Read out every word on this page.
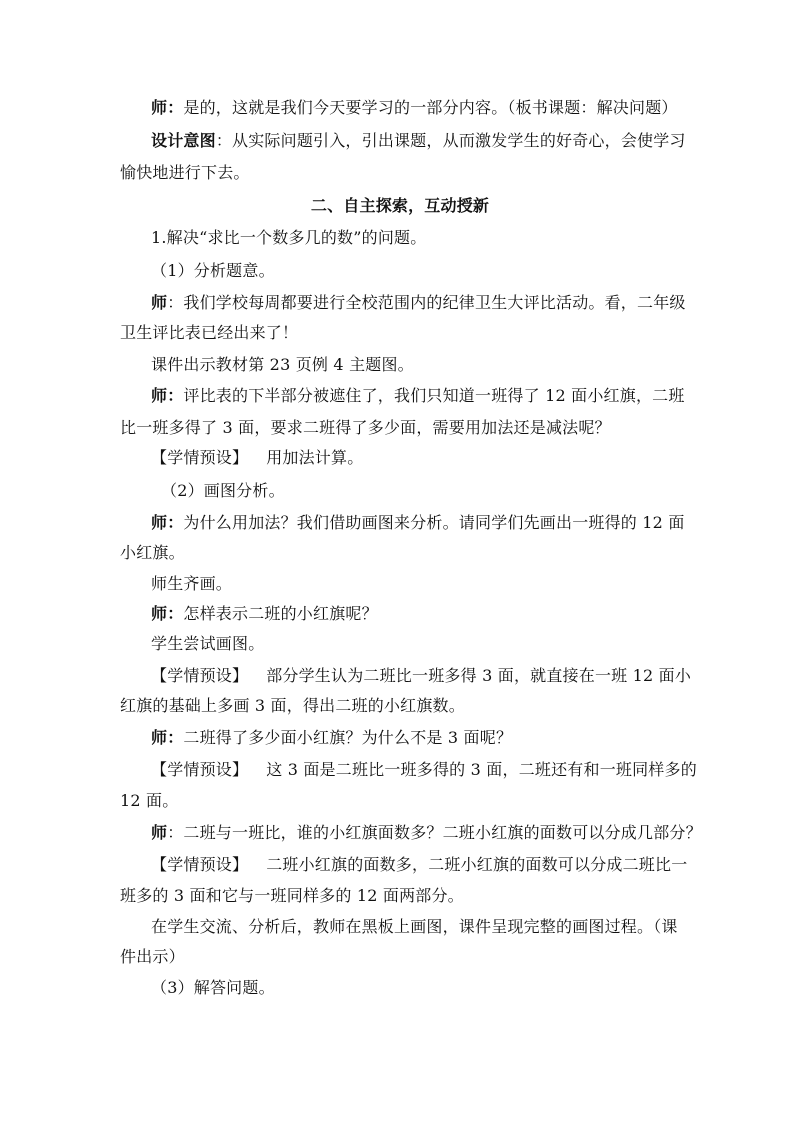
师：是的，这就是我们今天要学习的一部分内容。（板书课题：解决问题）
设计意图：从实际问题引入，引出课题，从而激发学生的好奇心，会使学习
愉快地进行下去。
二、自主探索，互动授新
1.解决“求比一个数多几的数”的问题。
（1）分析题意。
师：我们学校每周都要进行全校范围内的纪律卫生大评比活动。看，二年级
卫生评比表已经出来了！
课件出示教材第 23 页例 4 主题图。
师：评比表的下半部分被遮住了，我们只知道一班得了 12 面小红旗，二班
比一班多得了 3 面，要求二班得了多少面，需要用加法还是减法呢？
【学情预设】 用加法计算。
（2）画图分析。
师：为什么用加法？我们借助画图来分析。请同学们先画出一班得的 12 面
小红旗。
师生齐画。
师：怎样表示二班的小红旗呢？
学生尝试画图。
【学情预设】 部分学生认为二班比一班多得 3 面，就直接在一班 12 面小
红旗的基础上多画 3 面，得出二班的小红旗数。
师：二班得了多少面小红旗？为什么不是 3 面呢？
【学情预设】 这 3 面是二班比一班多得的 3 面，二班还有和一班同样多的
12 面。
师：二班与一班比，谁的小红旗面数多？二班小红旗的面数可以分成几部分？
【学情预设】 二班小红旗的面数多，二班小红旗的面数可以分成二班比一
班多的 3 面和它与一班同样多的 12 面两部分。
在学生交流、分析后，教师在黑板上画图，课件呈现完整的画图过程。（课
件出示）
（3）解答问题。
